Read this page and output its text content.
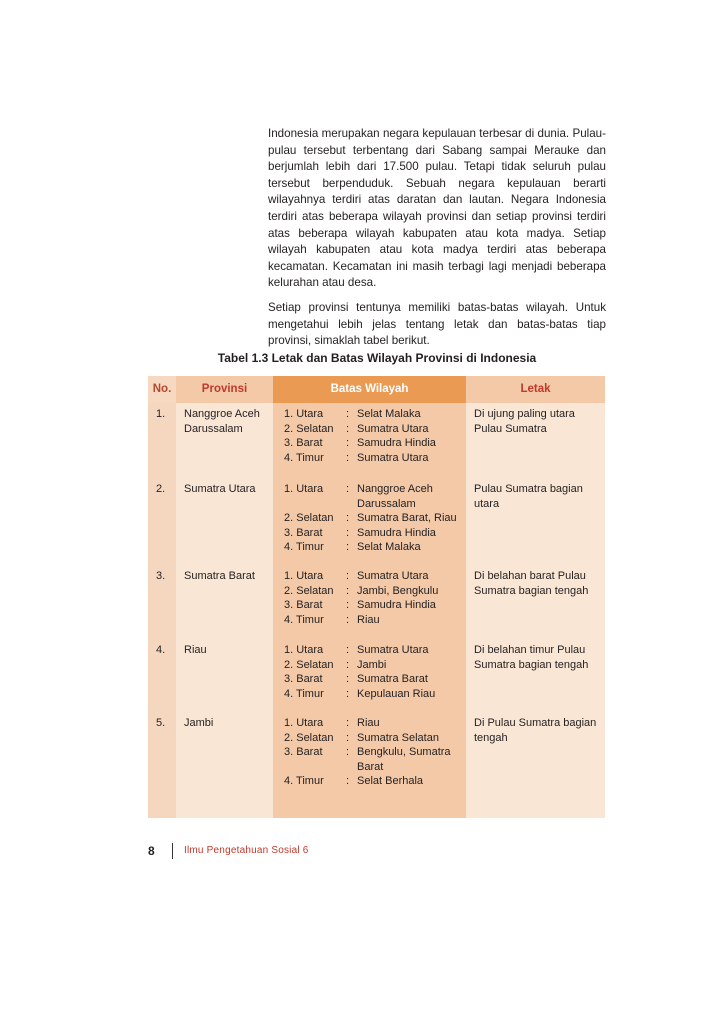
Indonesia merupakan negara kepulauan terbesar di dunia. Pulau-pulau tersebut terbentang dari Sabang sampai Merauke dan berjumlah lebih dari 17.500 pulau. Tetapi tidak seluruh pulau tersebut berpenduduk. Sebuah negara kepulauan berarti wilayahnya terdiri atas daratan dan lautan. Negara Indonesia terdiri atas beberapa wilayah provinsi dan setiap provinsi terdiri atas beberapa wilayah kabupaten atau kota madya. Setiap wilayah kabupaten atau kota madya terdiri atas beberapa kecamatan. Kecamatan ini masih terbagi lagi menjadi beberapa kelurahan atau desa.

Setiap provinsi tentunya memiliki batas-batas wilayah. Untuk mengetahui lebih jelas tentang letak dan batas-batas tiap provinsi, simaklah tabel berikut.

Tabel 1.3 Letak dan Batas Wilayah Provinsi di Indonesia
No.	Provinsi	Batas Wilayah	Letak
1. Nanggroe Aceh Darussalam
1. Utara	: Selat Malaka
2. Selatan	: Sumatra Utara
3. Barat	: Samudra Hindia
4. Timur	: Sumatra Utara
Di ujung paling utara Pulau Sumatra
2. Sumatra Utara	1. Utara	: Nanggroe Aceh Darussalam
2. Selatan	: Sumatra Barat, Riau
3. Barat	: Samudra Hindia
4. Timur	: Selat Malaka
Pulau Sumatra bagian utara
3. Sumatra Barat	1. Utara	: Sumatra Utara
2. Selatan	: Jambi, Bengkulu
3. Barat	: Samudra Hindia
4. Timur	: Riau
Di belahan barat Pulau Sumatra bagian tengah
4. Riau	1. Utara	: Sumatra Utara
2. Selatan	: Jambi
3. Barat	: Sumatra Barat
4. Timur	: Kepulauan Riau
Di belahan timur Pulau Sumatra bagian tengah
5. Jambi	1. Utara	: Riau
2. Selatan	: Sumatra Selatan
3. Barat	: Bengkulu, Sumatra Barat
4. Timur	: Selat Berhala
Di Pulau Sumatra bagian tengah
8	Ilmu Pengetahuan Sosial 6
